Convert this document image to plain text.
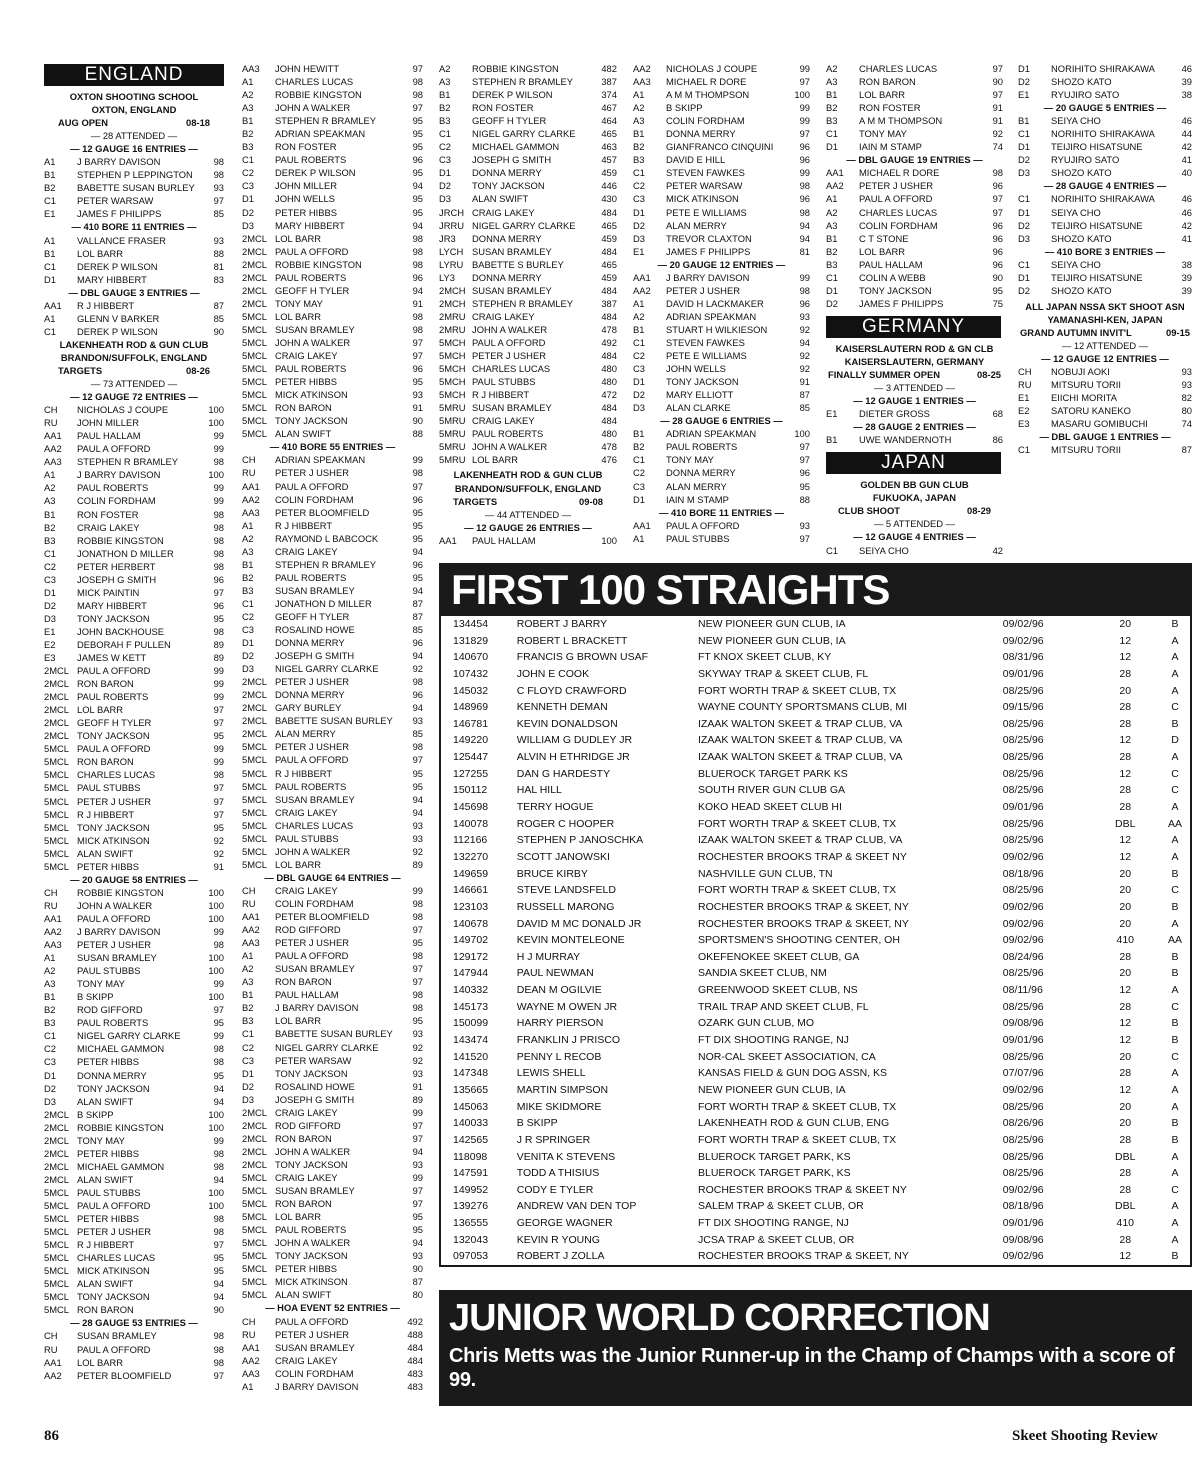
ENGLAND
OXTON SHOOTING SCHOOL
OXTON, ENGLAND
AUG OPEN	08-18
— 28 ATTENDED —
— 12 GAUGE 16 ENTRIES —
A1	J BARRY DAVISON	98
B1	STEPHEN P LEPPINGTON	98
B2	BABETTE SUSAN BURLEY	93
C1	PETER WARSAW	97
E1	JAMES F PHILIPPS	85
— 410 BORE 11 ENTRIES —
A1	VALLANCE FRASER	93
B1	LOL BARR	88
C1	DEREK P WILSON	81
D1	MARY HIBBERT	83
— DBL GAUGE 3 ENTRIES —
AA1	R J HIBBERT	87
A1	GLENN V BARKER	85
C1	DEREK P WILSON	90
LAKENHEATH ROD & GUN CLUB
BRANDON/SUFFOLK, ENGLAND
TARGETS	08-26
— 73 ATTENDED —
— 12 GAUGE 72 ENTRIES —
CH	NICHOLAS J COUPE	100
RU	JOHN MILLER	100
AA1	PAUL HALLAM	99
AA2	PAUL A OFFORD	99
AA3	STEPHEN R BRAMLEY	98
A1	J BARRY DAVISON	100
A2	PAUL ROBERTS	99
A3	COLIN FORDHAM	99
B1	RON FOSTER	98
B2	CRAIG LAKEY	98
B3	ROBBIE KINGSTON	98
C1	JONATHON D MILLER	98
C2	PETER HERBERT	98
C3	JOSEPH G SMITH	96
D1	MICK PAINTIN	97
D2	MARY HIBBERT	96
D3	TONY JACKSON	95
E1	JOHN BACKHOUSE	98
E2	DEBORAH F PULLEN	89
E3	JAMES W KETT	89
2MCL PAUL A OFFORD	99
2MCL RON BARON	99
2MCL PAUL ROBERTS	99
2MCL LOL BARR	97
2MCL GEOFF H TYLER	97
2MCL TONY JACKSON	95
5MCL PAUL A OFFORD	99
5MCL RON BARON	99
5MCL CHARLES LUCAS	98
5MCL PAUL STUBBS	97
5MCL PETER J USHER	97
5MCL R J HIBBERT	97
5MCL TONY JACKSON	95
5MCL MICK ATKINSON	92
5MCL ALAN SWIFT	92
5MCL PETER HIBBS	91
— 20 GAUGE 58 ENTRIES —
CH	ROBBIE KINGSTON	100
RU	JOHN A WALKER	100
AA1	PAUL A OFFORD	100
AA2	J BARRY DAVISON	99
AA3	PETER J USHER	98
A1	SUSAN BRAMLEY	100
A2	PAUL STUBBS	100
A3	TONY MAY	99
B1	B SKIPP	100
B2	ROD GIFFORD	97
B3	PAUL ROBERTS	95
C1	NIGEL GARRY CLARKE	99
C2	MICHAEL GAMMON	98
C3	PETER HIBBS	98
D1	DONNA MERRY	95
D2	TONY JACKSON	94
D3	ALAN SWIFT	94
2MCL B SKIPP	100
2MCL ROBBIE KINGSTON	100
2MCL TONY MAY	99
2MCL PETER HIBBS	98
2MCL MICHAEL GAMMON	98
2MCL ALAN SWIFT	94
5MCL PAUL STUBBS	100
5MCL PAUL A OFFORD	100
5MCL PETER HIBBS	98
5MCL PETER J USHER	98
5MCL R J HIBBERT	97
5MCL CHARLES LUCAS	95
5MCL MICK ATKINSON	95
5MCL ALAN SWIFT	94
5MCL TONY JACKSON	94
5MCL RON BARON	90
— 28 GAUGE 53 ENTRIES —
CH	SUSAN BRAMLEY	98
RU	PAUL A OFFORD	98
AA1	LOL BARR	98
AA2	PETER BLOOMFIELD	97
AA3	JOHN HEWITT	97
A1	CHARLES LUCAS	98
A2	ROBBIE KINGSTON	98
A3	JOHN A WALKER	97
B1	STEPHEN R BRAMLEY	95
B2	ADRIAN SPEAKMAN	95
B3	RON FOSTER	95
C1	PAUL ROBERTS	96
C2	DEREK P WILSON	95
C3	JOHN MILLER	94
D1	JOHN WELLS	95
D2	PETER HIBBS	95
D3	MARY HIBBERT	94
2MCL LOL BARR	98
2MCL PAUL A OFFORD	98
2MCL ROBBIE KINGSTON	98
2MCL PAUL ROBERTS	96
2MCL GEOFF H TYLER	94
2MCL TONY MAY	91
5MCL LOL BARR	98
5MCL SUSAN BRAMLEY	98
5MCL JOHN A WALKER	97
5MCL CRAIG LAKEY	97
5MCL PAUL ROBERTS	96
5MCL PETER HIBBS	95
5MCL MICK ATKINSON	93
5MCL RON BARON	91
5MCL TONY JACKSON	90
5MCL ALAN SWIFT	88
— 410 BORE 55 ENTRIES —
CH	ADRIAN SPEAKMAN	99
RU	PETER J USHER	98
AA1	PAUL A OFFORD	97
AA2	COLIN FORDHAM	96
AA3	PETER BLOOMFIELD	95
A1	R J HIBBERT	95
A2	RAYMOND L BABCOCK	95
A3	CRAIG LAKEY	94
B1	STEPHEN R BRAMLEY	96
B2	PAUL ROBERTS	95
B3	SUSAN BRAMLEY	94
C1	JONATHON D MILLER	87
C2	GEOFF H TYLER	87
C3	ROSALIND HOWE	85
D1	DONNA MERRY	96
D2	JOSEPH G SMITH	94
D3	NIGEL GARRY CLARKE	92
2MCL PETER J USHER	98
2MCL DONNA MERRY	96
2MCL GARY BURLEY	94
2MCL BABETTE SUSAN BURLEY	93
2MCL ALAN MERRY	85
5MCL PETER J USHER	98
5MCL PAUL A OFFORD	97
5MCL R J HIBBERT	95
5MCL PAUL ROBERTS	95
5MCL SUSAN BRAMLEY	94
5MCL CRAIG LAKEY	94
5MCL CHARLES LUCAS	93
5MCL PAUL STUBBS	93
5MCL JOHN A WALKER	92
5MCL LOL BARR	89
— DBL GAUGE 64 ENTRIES —
CH	CRAIG LAKEY	99
RU	COLIN FORDHAM	98
AA1	PETER BLOOMFIELD	98
AA2	ROD GIFFORD	97
AA3	PETER J USHER	95
A1	PAUL A OFFORD	98
A2	SUSAN BRAMLEY	97
A3	RON BARON	97
B1	PAUL HALLAM	98
B2	J BARRY DAVISON	98
B3	LOL BARR	95
C1	BABETTE SUSAN BURLEY	93
C2	NIGEL GARRY CLARKE	92
C3	PETER WARSAW	92
D1	TONY JACKSON	93
D2	ROSALIND HOWE	91
D3	JOSEPH G SMITH	89
2MCL CRAIG LAKEY	99
2MCL ROD GIFFORD	97
2MCL RON BARON	97
2MCL JOHN A WALKER	94
2MCL TONY JACKSON	93
5MCL CRAIG LAKEY	99
5MCL SUSAN BRAMLEY	97
5MCL RON BARON	97
5MCL LOL BARR	95
5MCL PAUL ROBERTS	95
5MCL JOHN A WALKER	94
5MCL TONY JACKSON	93
5MCL PETER HIBBS	90
5MCL MICK ATKINSON	87
5MCL ALAN SWIFT	80
— HOA EVENT 52 ENTRIES —
CH	PAUL A OFFORD	492
RU	PETER J USHER	488
AA1	SUSAN BRAMLEY	484
AA2	CRAIG LAKEY	484
AA3	COLIN FORDHAM	483
A1	J BARRY DAVISON	483
A2	ROBBIE KINGSTON	482
A3	STEPHEN R BRAMLEY	387
B1	DEREK P WILSON	374
B2	RON FOSTER	467
B3	GEOFF H TYLER	464
C1	NIGEL GARRY CLARKE	465
C2	MICHAEL GAMMON	463
C3	JOSEPH G SMITH	457
D1	DONNA MERRY	459
D2	TONY JACKSON	446
D3	ALAN SWIFT	430
JRCH CRAIG LAKEY	484
JRRU NIGEL GARRY CLARKE	465
JR3	DONNA MERRY	459
LYCH SUSAN BRAMLEY	484
LYRU BABETTE S BURLEY	465
LY3	DONNA MERRY	459
2MCH SUSAN BRAMLEY	484
2MCH STEPHEN R BRAMLEY	387
2MRU CRAIG LAKEY	484
2MRU JOHN A WALKER	478
5MCH PAUL A OFFORD	492
5MCH PETER J USHER	484
5MCH CHARLES LUCAS	480
5MCH PAUL STUBBS	480
5MCH R J HIBBERT	472
5MRU SUSAN BRAMLEY	484
5MRU CRAIG LAKEY	484
5MRU PAUL ROBERTS	480
5MRU JOHN A WALKER	478
5MRU LOL BARR	476
LAKENHEATH ROD & GUN CLUB
BRANDON/SUFFOLK, ENGLAND
TARGETS	09-08
— 44 ATTENDED —
— 12 GAUGE 26 ENTRIES —
AA1	PAUL HALLAM	100
AA2	NICHOLAS J COUPE	99
AA3	MICHAEL R DORE	97
A1	A M M THOMPSON	100
A2	B SKIPP	99
A3	COLIN FORDHAM	99
B1	DONNA MERRY	97
B2	GIANFRANCO CINQUINI	96
B3	DAVID E HILL	96
C1	STEVEN FAWKES	99
C2	PETER WARSAW	98
C3	MICK ATKINSON	96
D1	PETE E WILLIAMS	98
D2	ALAN MERRY	94
D3	TREVOR CLAXTON	94
E1	JAMES F PHILIPPS	81
— 20 GAUGE 12 ENTRIES —
AA1	J BARRY DAVISON	99
AA2	PETER J USHER	98
A1	DAVID H LACKMAKER	96
A2	ADRIAN SPEAKMAN	93
B1	STUART H WILKIESON	92
C1	STEVEN FAWKES	94
C2	PETE E WILLIAMS	92
C3	JOHN WELLS	92
D1	TONY JACKSON	91
D2	MARY ELLIOTT	87
D3	ALAN CLARKE	85
— 28 GAUGE 6 ENTRIES —
B1	ADRIAN SPEAKMAN	100
B2	PAUL ROBERTS	97
C1	TONY MAY	97
C2	DONNA MERRY	96
C3	ALAN MERRY	95
D1	IAIN M STAMP	88
— 410 BORE 11 ENTRIES —
AA1	PAUL A OFFORD	93
A1	PAUL STUBBS	97
A2	CHARLES LUCAS	97
A3	RON BARON	90
B1	LOL BARR	97
B2	RON FOSTER	91
B3	A M M THOMPSON	91
C1	TONY MAY	92
D1	IAIN M STAMP	74
— DBL GAUGE 19 ENTRIES —
AA1	MICHAEL R DORE	98
AA2	PETER J USHER	96
A1	PAUL A OFFORD	97
A2	CHARLES LUCAS	97
A3	COLIN FORDHAM	96
B1	C T STONE	96
B2	LOL BARR	96
B3	PAUL HALLAM	96
C1	COLIN A WEBB	90
D1	TONY JACKSON	95
D2	JAMES F PHILIPPS	75
GERMANY
KAISERSLAUTERN ROD & GN CLB
KAISERSLAUTERN, GERMANY
FINALLY SUMMER OPEN	08-25
— 3 ATTENDED —
— 12 GAUGE 1 ENTRIES —
E1	DIETER GROSS	68
— 28 GAUGE 2 ENTRIES —
B1	UWE WANDERNOTH	86
JAPAN
GOLDEN BB GUN CLUB
FUKUOKA, JAPAN
CLUB SHOOT	08-29
— 5 ATTENDED —
— 12 GAUGE 4 ENTRIES —
C1	SEIYA CHO	42
D1	NORIHITO SHIRAKAWA	46
D2	SHOZO KATO	39
E1	RYUJIRO SATO	38
— 20 GAUGE 5 ENTRIES —
B1	SEIYA CHO	46
C1	NORIHITO SHIRAKAWA	44
D1	TEIJIRO HISATSUNE	42
D2	RYUJIRO SATO	41
D3	SHOZO KATO	40
— 28 GAUGE 4 ENTRIES —
C1	NORIHITO SHIRAKAWA	46
D1	SEIYA CHO	46
D2	TEIJIRO HISATSUNE	42
D3	SHOZO KATO	41
— 410 BORE 3 ENTRIES —
C1	SEIYA CHO	38
D1	TEIJIRO HISATSUNE	39
D2	SHOZO KATO	39
ALL JAPAN NSSA SKT SHOOT ASN
YAMANASHI-KEN, JAPAN
GRAND AUTUMN INVIT'L	09-15
— 12 ATTENDED —
— 12 GAUGE 12 ENTRIES —
CH	NOBUJI AOKI	93
RU	MITSURU TORII	93
E1	EIICHI MORITA	82
E2	SATORU KANEKO	80
E3	MASARU GOMIBUCHI	74
— DBL GAUGE 1 ENTRIES —
C1	MITSURU TORII	87
FIRST 100 STRAIGHTS
134454	ROBERT J BARRY	NEW PIONEER GUN CLUB, IA	09/02/96	20	B
131829	ROBERT L BRACKETT	NEW PIONEER GUN CLUB, IA	09/02/96	12	A
140670	FRANCIS G BROWN USAF	FT KNOX SKEET CLUB, KY	08/31/96	12	A
107432	JOHN E COOK	SKYWAY TRAP & SKEET CLUB, FL	09/01/96	28	A
145032	C FLOYD CRAWFORD	FORT WORTH TRAP & SKEET CLUB, TX	08/25/96	20	A
148969	KENNETH DEMAN	WAYNE COUNTY SPORTSMANS CLUB, MI	09/15/96	28	C
146781	KEVIN DONALDSON	IZAAK WALTON SKEET & TRAP CLUB, VA	08/25/96	28	B
149220	WILLIAM G DUDLEY JR	IZAAK WALTON SKEET & TRAP CLUB, VA	08/25/96	12	D
125447	ALVIN H ETHRIDGE JR	IZAAK WALTON SKEET & TRAP CLUB, VA	08/25/96	28	A
127255	DAN G HARDESTY	BLUEROCK TARGET PARK KS	08/25/96	12	C
150112	HAL HILL	SOUTH RIVER GUN CLUB GA	08/25/96	28	C
145698	TERRY HOGUE	KOKO HEAD SKEET CLUB HI	09/01/96	28	A
140078	ROGER C HOOPER	FORT WORTH TRAP & SKEET CLUB, TX	08/25/96	DBL	AA
112166	STEPHEN P JANOSCHKA	IZAAK WALTON SKEET & TRAP CLUB, VA	08/25/96	12	A
132270	SCOTT JANOWSKI	ROCHESTER BROOKS TRAP & SKEET NY	09/02/96	12	A
149659	BRUCE KIRBY	NASHVILLE GUN CLUB, TN	08/18/96	20	B
146661	STEVE LANDSFELD	FORT WORTH TRAP & SKEET CLUB, TX	08/25/96	20	C
123103	RUSSELL MARONG	ROCHESTER BROOKS TRAP & SKEET, NY	09/02/96	20	B
140678	DAVID M MC DONALD JR	ROCHESTER BROOKS TRAP & SKEET, NY	09/02/96	20	A
149702	KEVIN MONTELEONE	SPORTSMEN'S SHOOTING CENTER, OH	09/02/96	410	AA
129172	H J MURRAY	OKEFENOKEE SKEET CLUB, GA	08/24/96	28	B
147944	PAUL NEWMAN	SANDIA SKEET CLUB, NM	08/25/96	20	B
140332	DEAN M OGILVIE	GREENWOOD SKEET CLUB, NS	08/11/96	12	A
145173	WAYNE M OWEN JR	TRAIL TRAP AND SKEET CLUB, FL	08/25/96	28	C
150099	HARRY PIERSON	OZARK GUN CLUB, MO	09/08/96	12	B
143474	FRANKLIN J PRISCO	FT DIX SHOOTING RANGE, NJ	09/01/96	12	B
141520	PENNY L RECOB	NOR-CAL SKEET ASSOCIATION, CA	08/25/96	20	C
147348	LEWIS SHELL	KANSAS FIELD & GUN DOG ASSN, KS	07/07/96	28	A
135665	MARTIN SIMPSON	NEW PIONEER GUN CLUB, IA	09/02/96	12	A
145063	MIKE SKIDMORE	FORT WORTH TRAP & SKEET CLUB, TX	08/25/96	20	A
140033	B SKIPP	LAKENHEATH ROD & GUN CLUB, ENG	08/26/96	20	B
142565	J R SPRINGER	FORT WORTH TRAP & SKEET CLUB, TX	08/25/96	28	B
118098	VENITA K STEVENS	BLUEROCK TARGET PARK, KS	08/25/96	DBL	A
147591	TODD A THISIUS	BLUEROCK TARGET PARK, KS	08/25/96	28	A
149952	CODY E TYLER	ROCHESTER BROOKS TRAP & SKEET NY	09/02/96	28	C
139276	ANDREW VAN DEN TOP	SALEM TRAP & SKEET CLUB, OR	08/18/96	DBL	A
136555	GEORGE WAGNER	FT DIX SHOOTING RANGE, NJ	09/01/96	410	A
132043	KEVIN R YOUNG	JCSA TRAP & SKEET CLUB, OR	09/08/96	28	A
097053	ROBERT J ZOLLA	ROCHESTER BROOKS TRAP & SKEET, NY	09/02/96	12	B
JUNIOR WORLD CORRECTION

Chris Metts was the Junior Runner-up in the Champ of Champs with a score of 99.

86	Skeet Shooting Review
